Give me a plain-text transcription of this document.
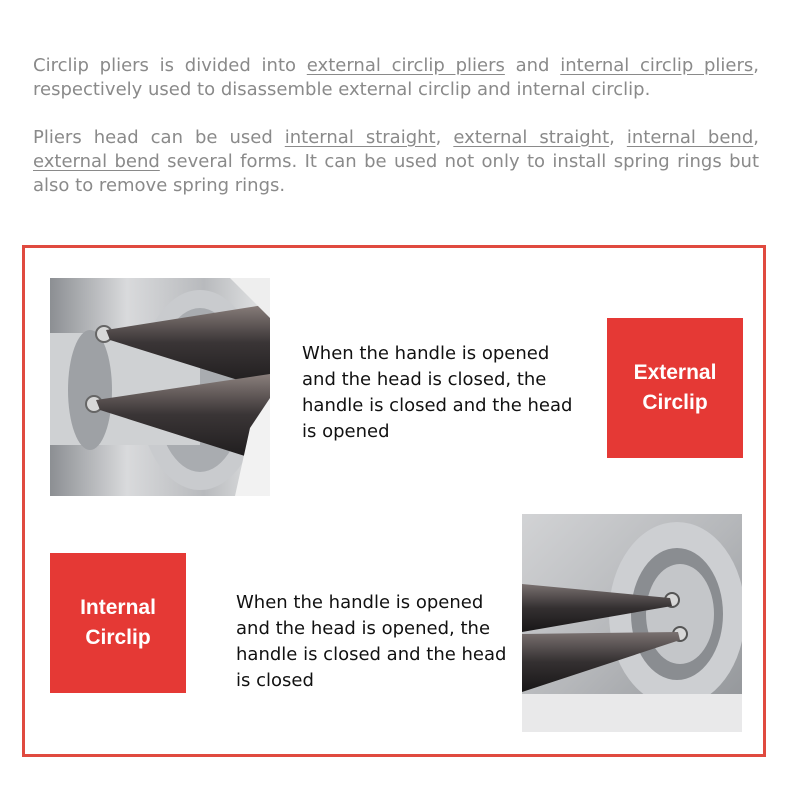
Circlip pliers is divided into external circlip pliers and internal circlip pliers, respectively used to disassemble external circlip and internal circlip.

Pliers head can be used internal straight, external straight, internal bend, external bend several forms. It can be used not only to install spring rings but also to remove spring rings.

When the handle is opened and the head is closed, the handle is closed and the head is opened
External
Circlip
Internal
Circlip
When the handle is opened and the head is opened, the handle is closed and the head is closed
